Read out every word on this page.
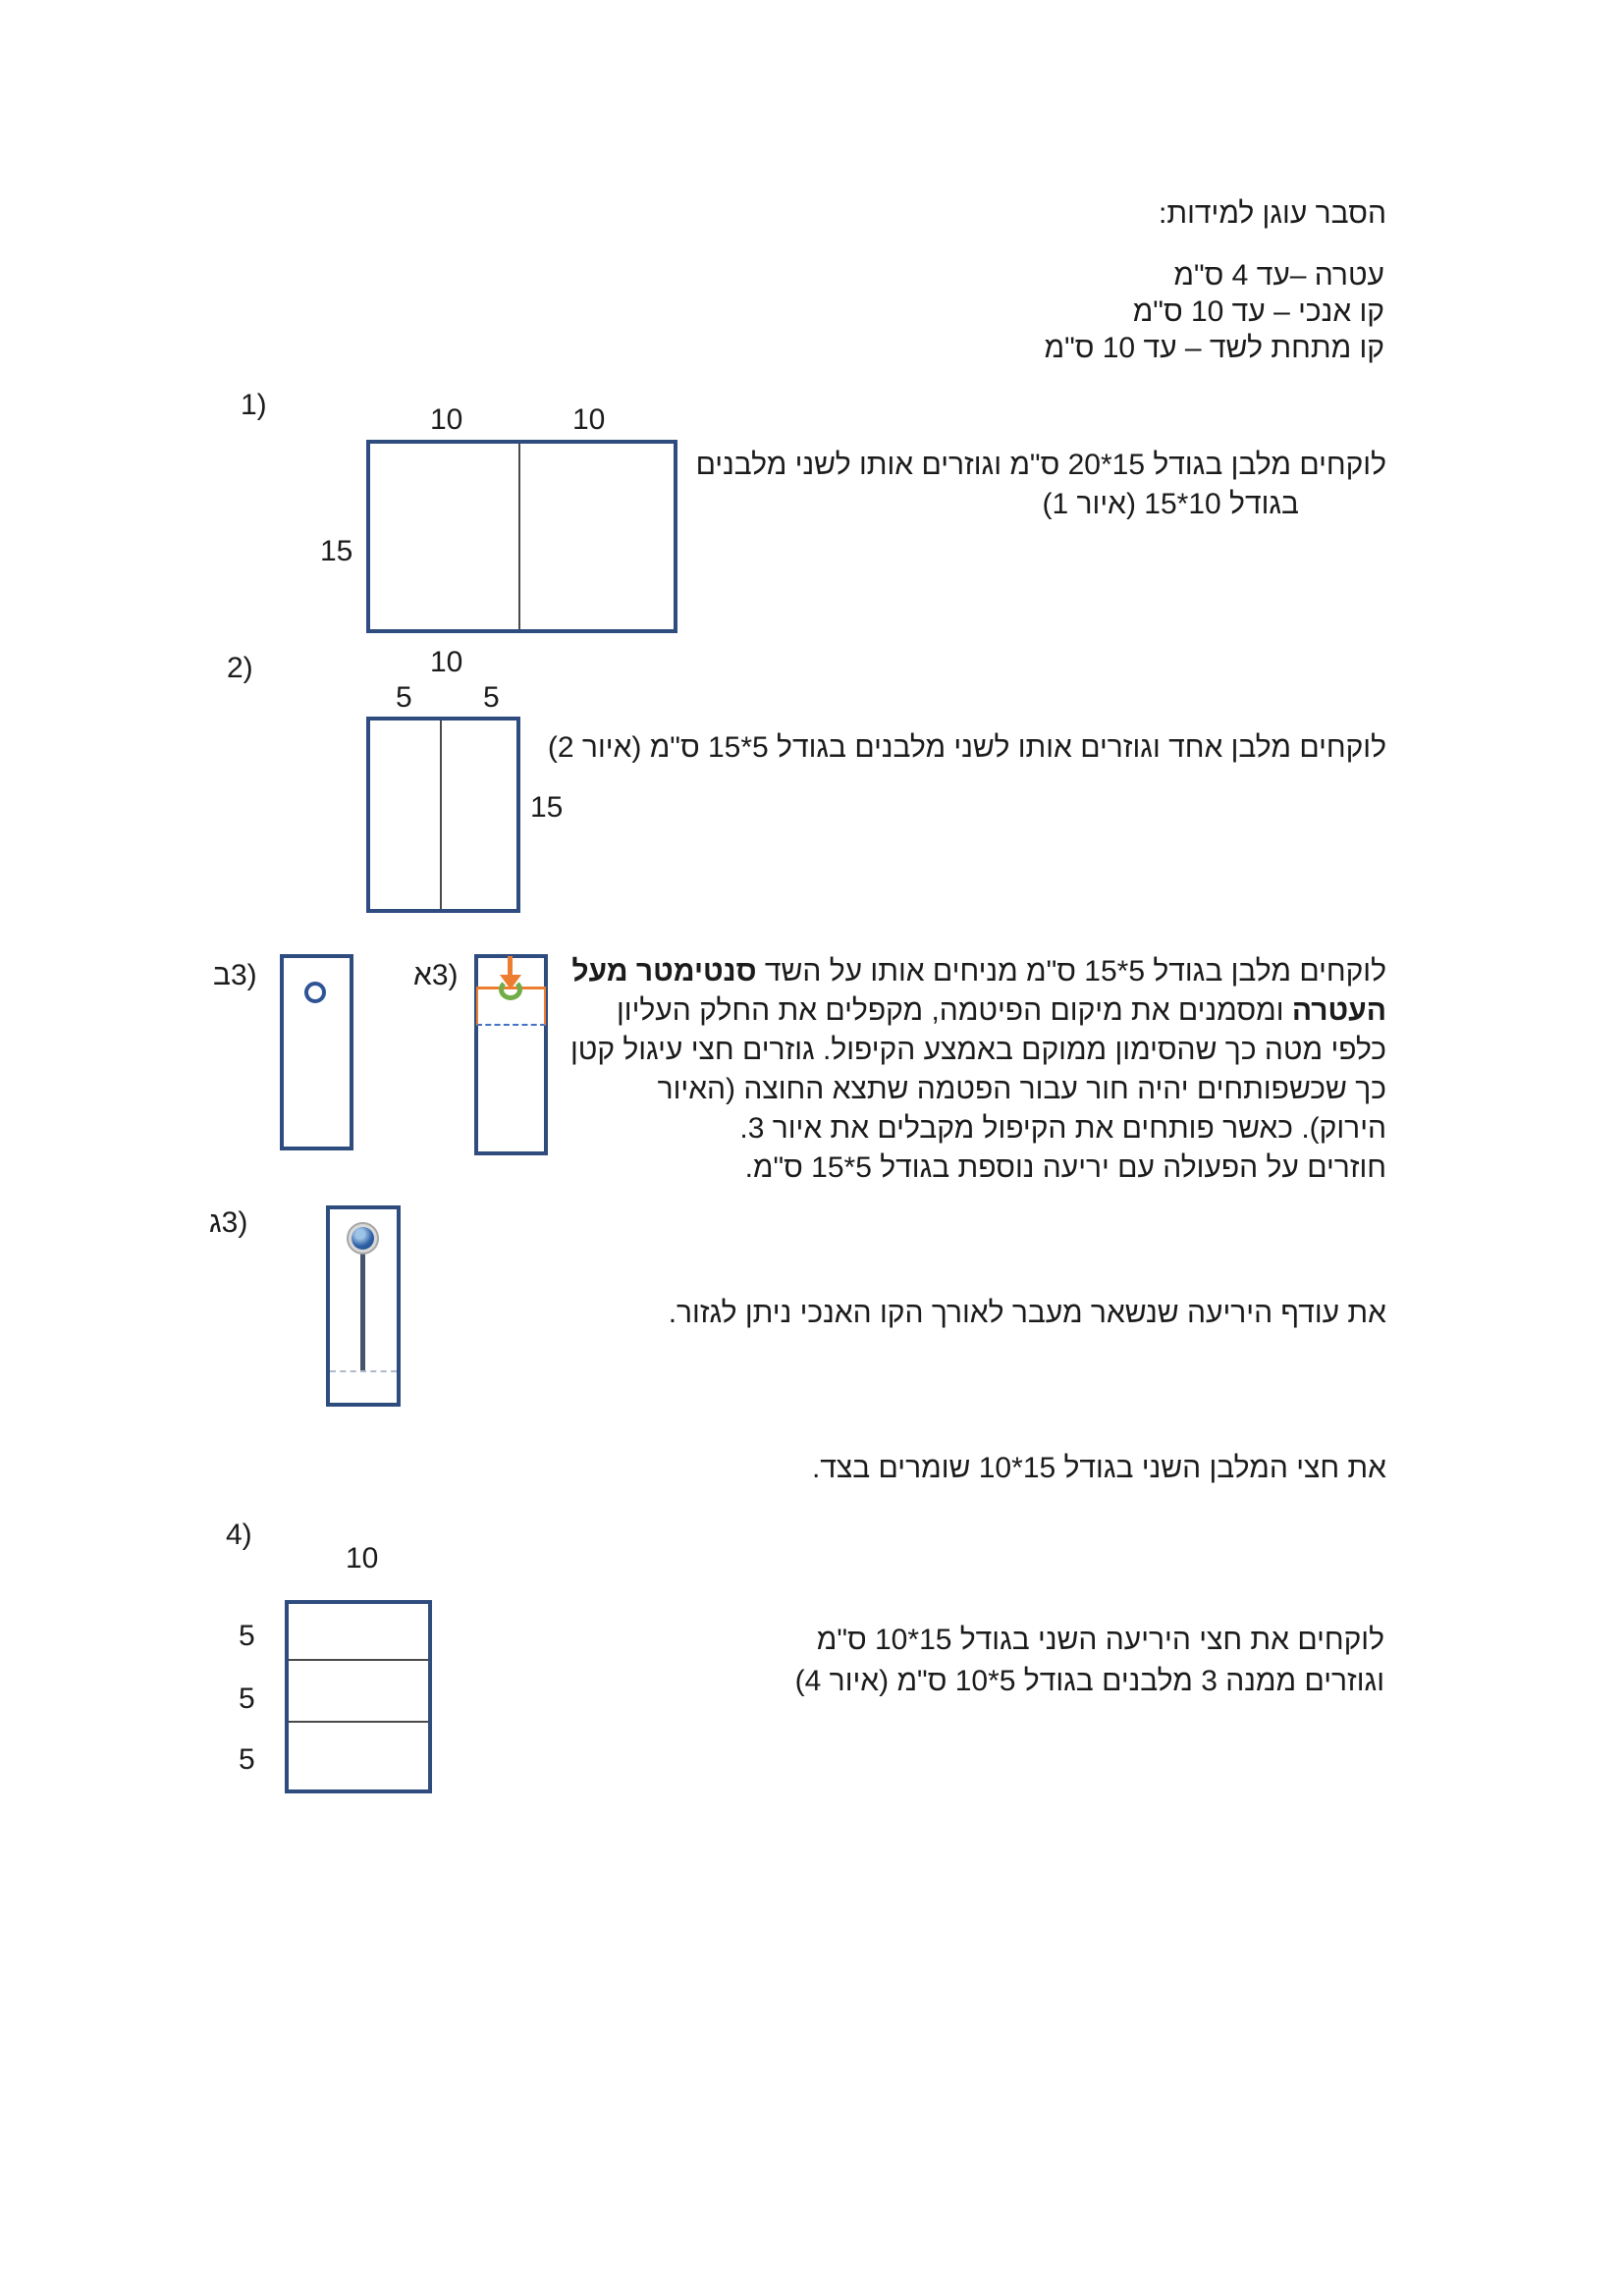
הסבר עוגן למידות:
עטרה –עד 4 ס"מ
קו אנכי – עד 10 ס"מ
קו מתחת לשד – עד 10 ס"מ
1)	10	10
15
לוקחים מלבן בגודל 15*20 ס"מ וגוזרים אותו לשני מלבנים
בגודל 10*15 (איור 1)
2)	10
5 5
15
לוקחים מלבן אחד וגוזרים אותו לשני מלבנים בגודל 5*15 ס"מ (איור 2)
ב3)	א3)	לוקחים מלבן בגודל 5*15 ס"מ מניחים אותו על השד סנטימטר מעל
העטרה ומסמנים את מיקום הפיטמה, מקפלים את החלק העליון
כלפי מטה כך שהסימון ממוקם באמצע הקיפול. גוזרים חצי עיגול קטן
כך שכשפותחים יהיה חור עבור הפטמה שתצא החוצה (האיור
הירוק). כאשר פותחים את הקיפול מקבלים את איור 3.
חוזרים על הפעולה עם יריעה נוספת בגודל 5*15 ס"מ.
ג3)
את עודף היריעה שנשאר מעבר לאורך הקו האנכי ניתן לגזור.
את חצי המלבן השני בגודל 15*10 שומרים בצד.
4)
10
5
5
5
לוקחים את חצי היריעה השני בגודל 15*10 ס"מ
וגוזרים ממנה 3 מלבנים בגודל 5*10 ס"מ (איור 4)
